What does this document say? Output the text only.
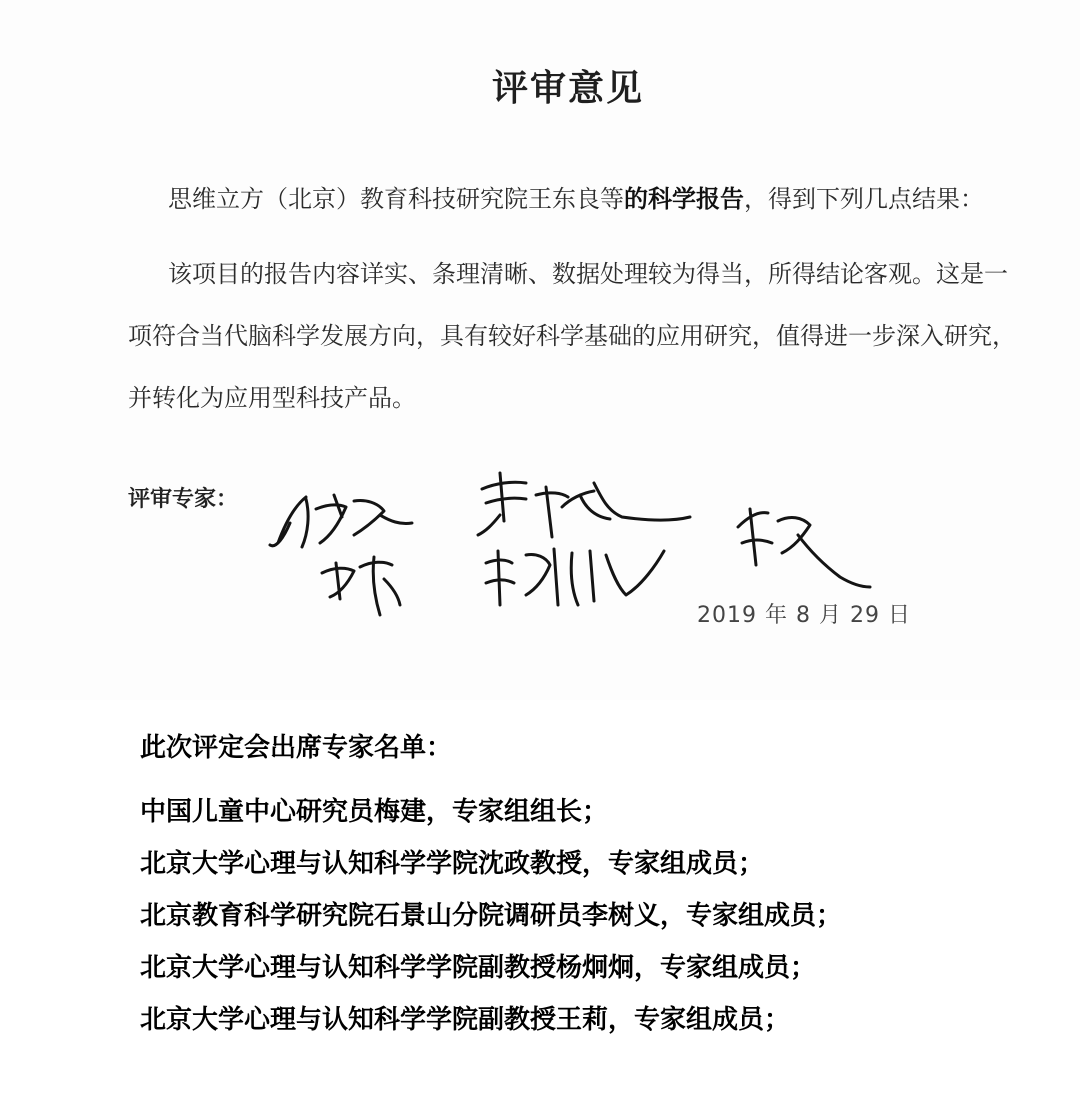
评审意见
思维立方（北京）教育科技研究院王东良等的科学报告，得到下列几点结果：
该项目的报告内容详实、条理清晰、数据处理较为得当，所得结论客观。这是一项符合当代脑科学发展方向，具有较好科学基础的应用研究，值得进一步深入研究，并转化为应用型科技产品。
评审专家：
2019 年 8 月 29 日
此次评定会出席专家名单：
中国儿童中心研究员梅建，专家组组长；
北京大学心理与认知科学学院沈政教授，专家组成员；
北京教育科学研究院石景山分院调研员李树义，专家组成员；
北京大学心理与认知科学学院副教授杨炯炯，专家组成员；
北京大学心理与认知科学学院副教授王莉，专家组成员；
